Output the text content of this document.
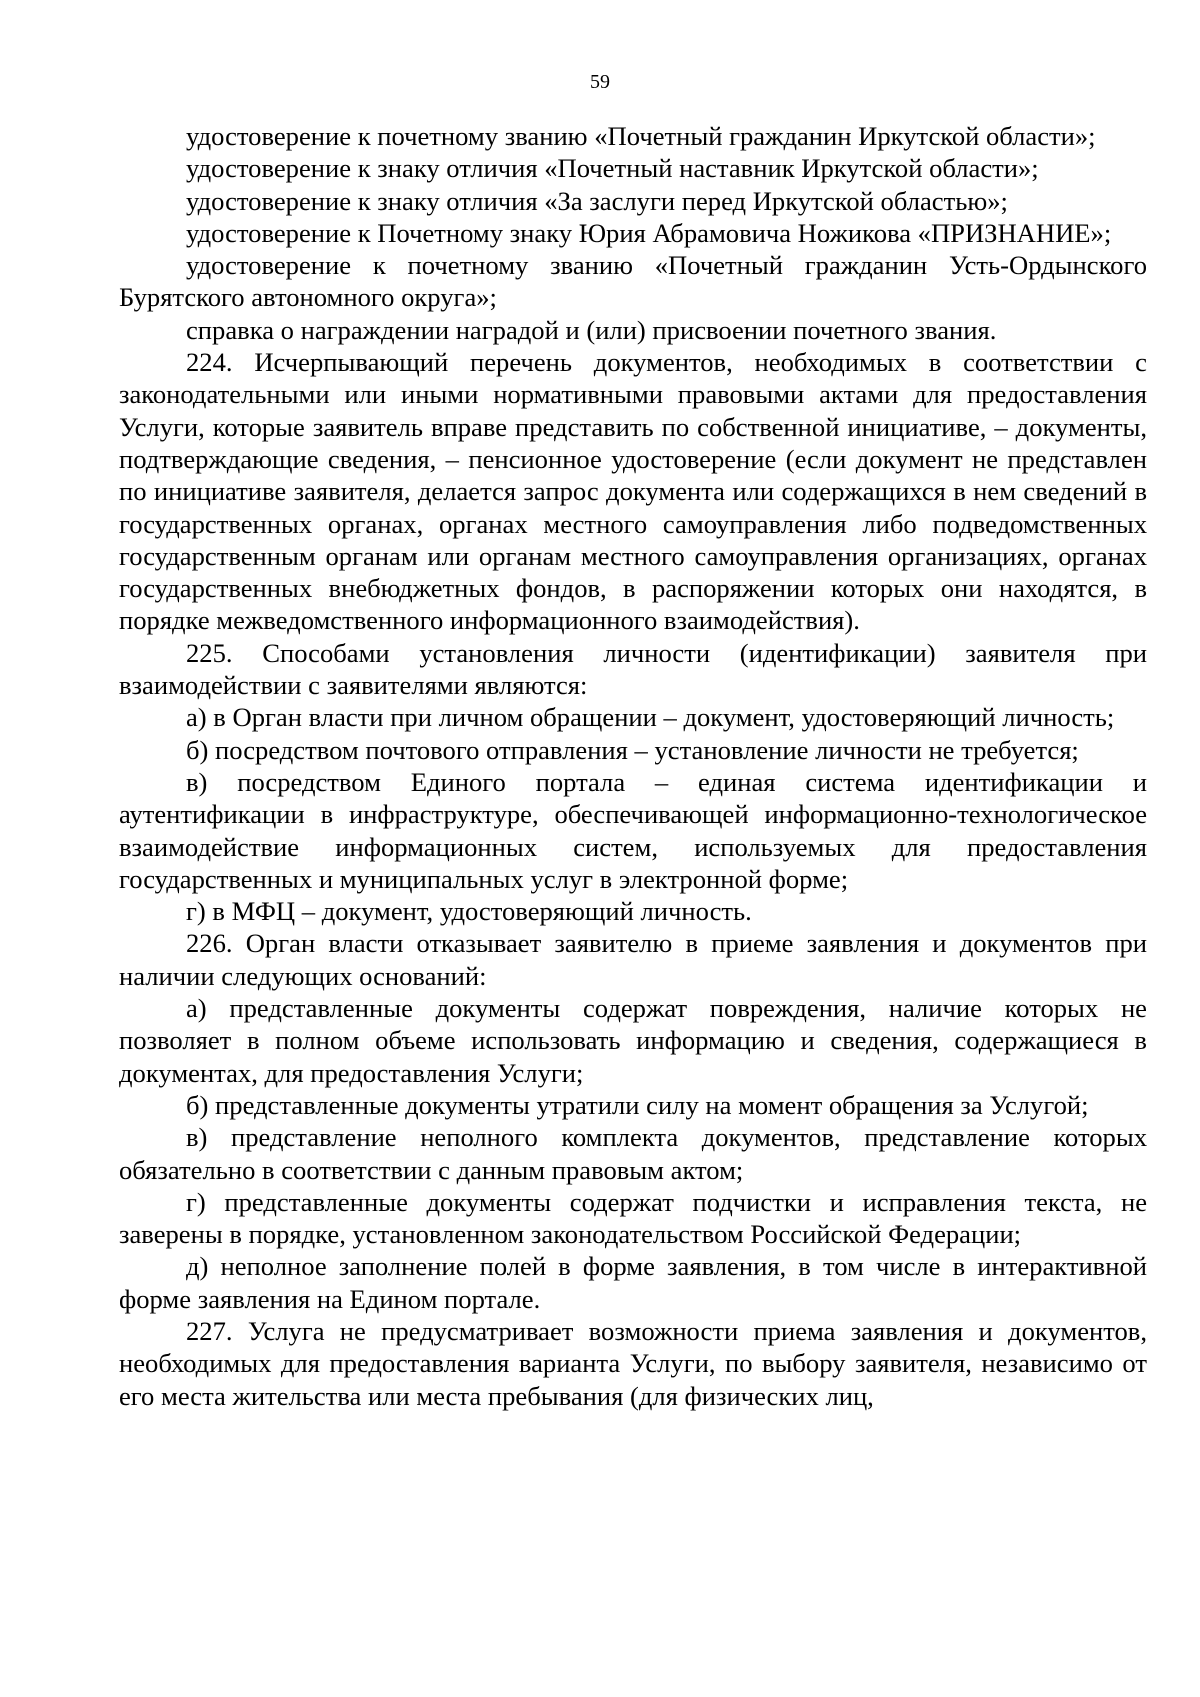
59

удостоверение к почетному званию «Почетный гражданин Иркутской области»;

удостоверение к знаку отличия «Почетный наставник Иркутской области»;

удостоверение к знаку отличия «За заслуги перед Иркутской областью»;

удостоверение к Почетному знаку Юрия Абрамовича Ножикова «ПРИЗНАНИЕ»;

удостоверение к почетному званию «Почетный гражданин Усть-Ордынского Бурятского автономного округа»;

справка о награждении наградой и (или) присвоении почетного звания.

224. Исчерпывающий перечень документов, необходимых в соответствии с законодательными или иными нормативными правовыми актами для предоставления Услуги, которые заявитель вправе представить по собственной инициативе, – документы, подтверждающие сведения, – пенсионное удостоверение (если документ не представлен по инициативе заявителя, делается запрос документа или содержащихся в нем сведений в государственных органах, органах местного самоуправления либо подведомственных государственным органам или органам местного самоуправления организациях, органах государственных внебюджетных фондов, в распоряжении которых они находятся, в порядке межведомственного информационного взаимодействия).

225. Способами установления личности (идентификации) заявителя при взаимодействии с заявителями являются:

а) в Орган власти при личном обращении – документ, удостоверяющий личность;

б) посредством почтового отправления – установление личности не требуется;

в) посредством Единого портала – единая система идентификации и аутентификации в инфраструктуре, обеспечивающей информационно-технологическое взаимодействие информационных систем, используемых для предоставления государственных и муниципальных услуг в электронной форме;

г) в МФЦ – документ, удостоверяющий личность.

226. Орган власти отказывает заявителю в приеме заявления и документов при наличии следующих оснований:

а) представленные документы содержат повреждения, наличие которых не позволяет в полном объеме использовать информацию и сведения, содержащиеся в документах, для предоставления Услуги;

б) представленные документы утратили силу на момент обращения за Услугой;

в) представление неполного комплекта документов, представление которых обязательно в соответствии с данным правовым актом;

г) представленные документы содержат подчистки и исправления текста, не заверены в порядке, установленном законодательством Российской Федерации;

д) неполное заполнение полей в форме заявления, в том числе в интерактивной форме заявления на Едином портале.

227. Услуга не предусматривает возможности приема заявления и документов, необходимых для предоставления варианта Услуги, по выбору заявителя, независимо от его места жительства или места пребывания (для физических лиц,
